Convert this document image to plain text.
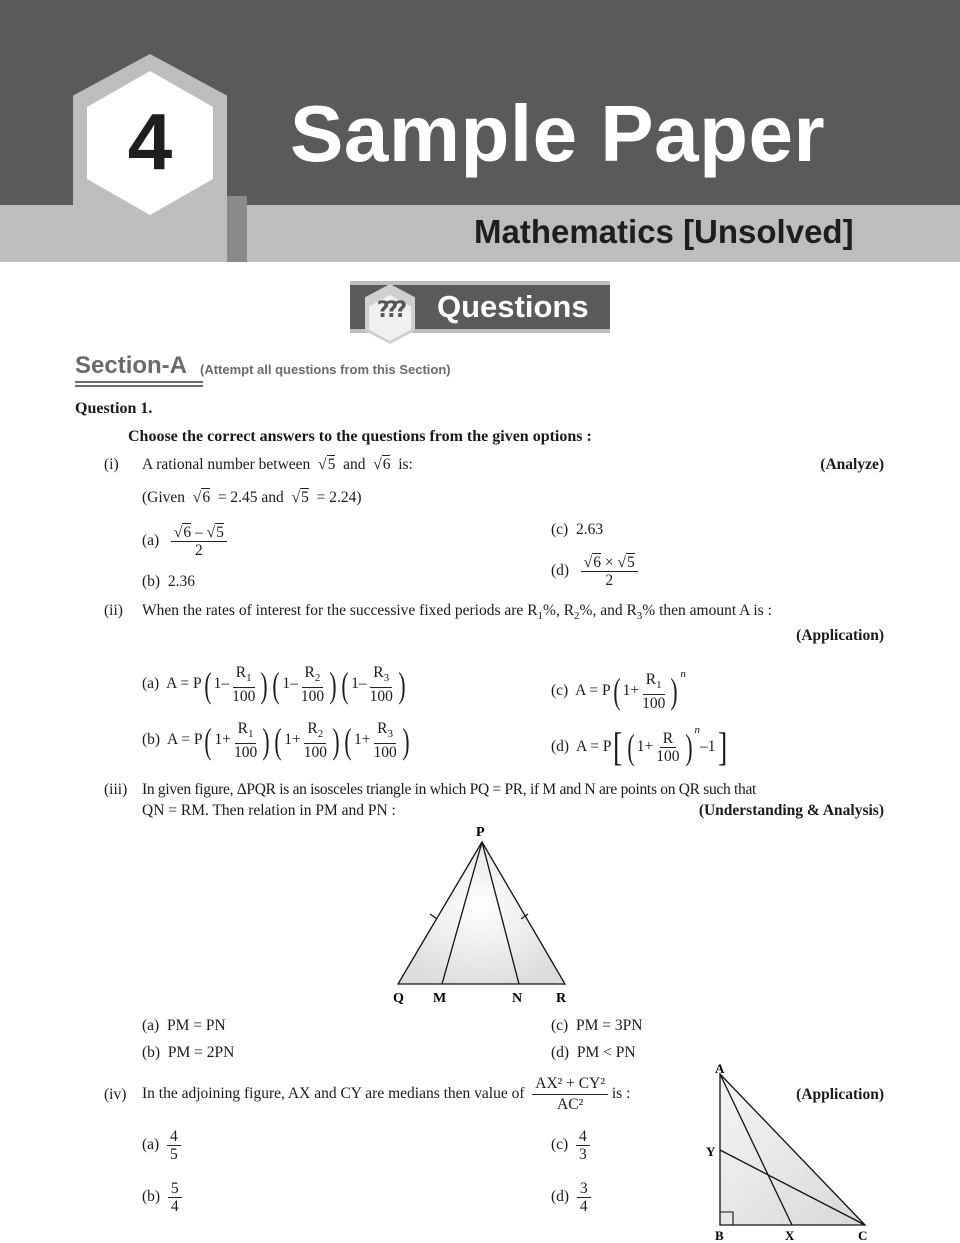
4	Sample Paper
Mathematics [Unsolved]
??? Questions
Section-A (Attempt all questions from this Section)
Question 1.
Choose the correct answers to the questions from the given options :
(i) A rational number between  √5 and  √6 is:	(Analyze)
(Given  √6 = 2.45 and  √5 = 2.24)
$(a) \frac{√6 - √5}{2}$
(b) 2.36
(c) 2.63
$(d) \frac{√6 \times √5}{2}$
(ii) When the rates of interest for the successive fixed periods are $R_1\%$, $R_2\%$, and $R_3\%$ then amount A is :
(Application)
(a) A = P( $1- \frac{R_1}{100}$ ) ( $1- \frac{R_2}{100}$ ) ( $1- \frac{R_3}{100}$ )
(b) A = P( $1+ \frac{R_1}{100}$ ) ( $1+ \frac{R_2}{100}$ ) ( $1+ \frac{R_3}{100}$ )
(c) A = P( $1+ \frac{R_1}{100}$ ) $^n$
(d) A = P[ ( $1+ \frac{R}{100}$ ) $^n$–1]
(iii) In given figure, ΔPQR is an isosceles triangle in which PQ = PR, if M and N are points on QR such that
QN = RM. Then relation in PM and PN :	(Understanding & Analysis)
P
Q M	N R
(a) PM = PN
(b) PM = 2PN
(c) PM = 3PN
(d) PM < PN
(iv) In the adjoining figure, AX and CY are medians then value of $\frac{\text{AX² + CY²}}{\text{AC²}}$ is :	(Application)
A
Y
B	X	C
$(a) \frac{4}{5}$
$(b) \frac{5}{4}$
$(c) \frac{4}{3}$
$(d) \frac{3}{4}$
